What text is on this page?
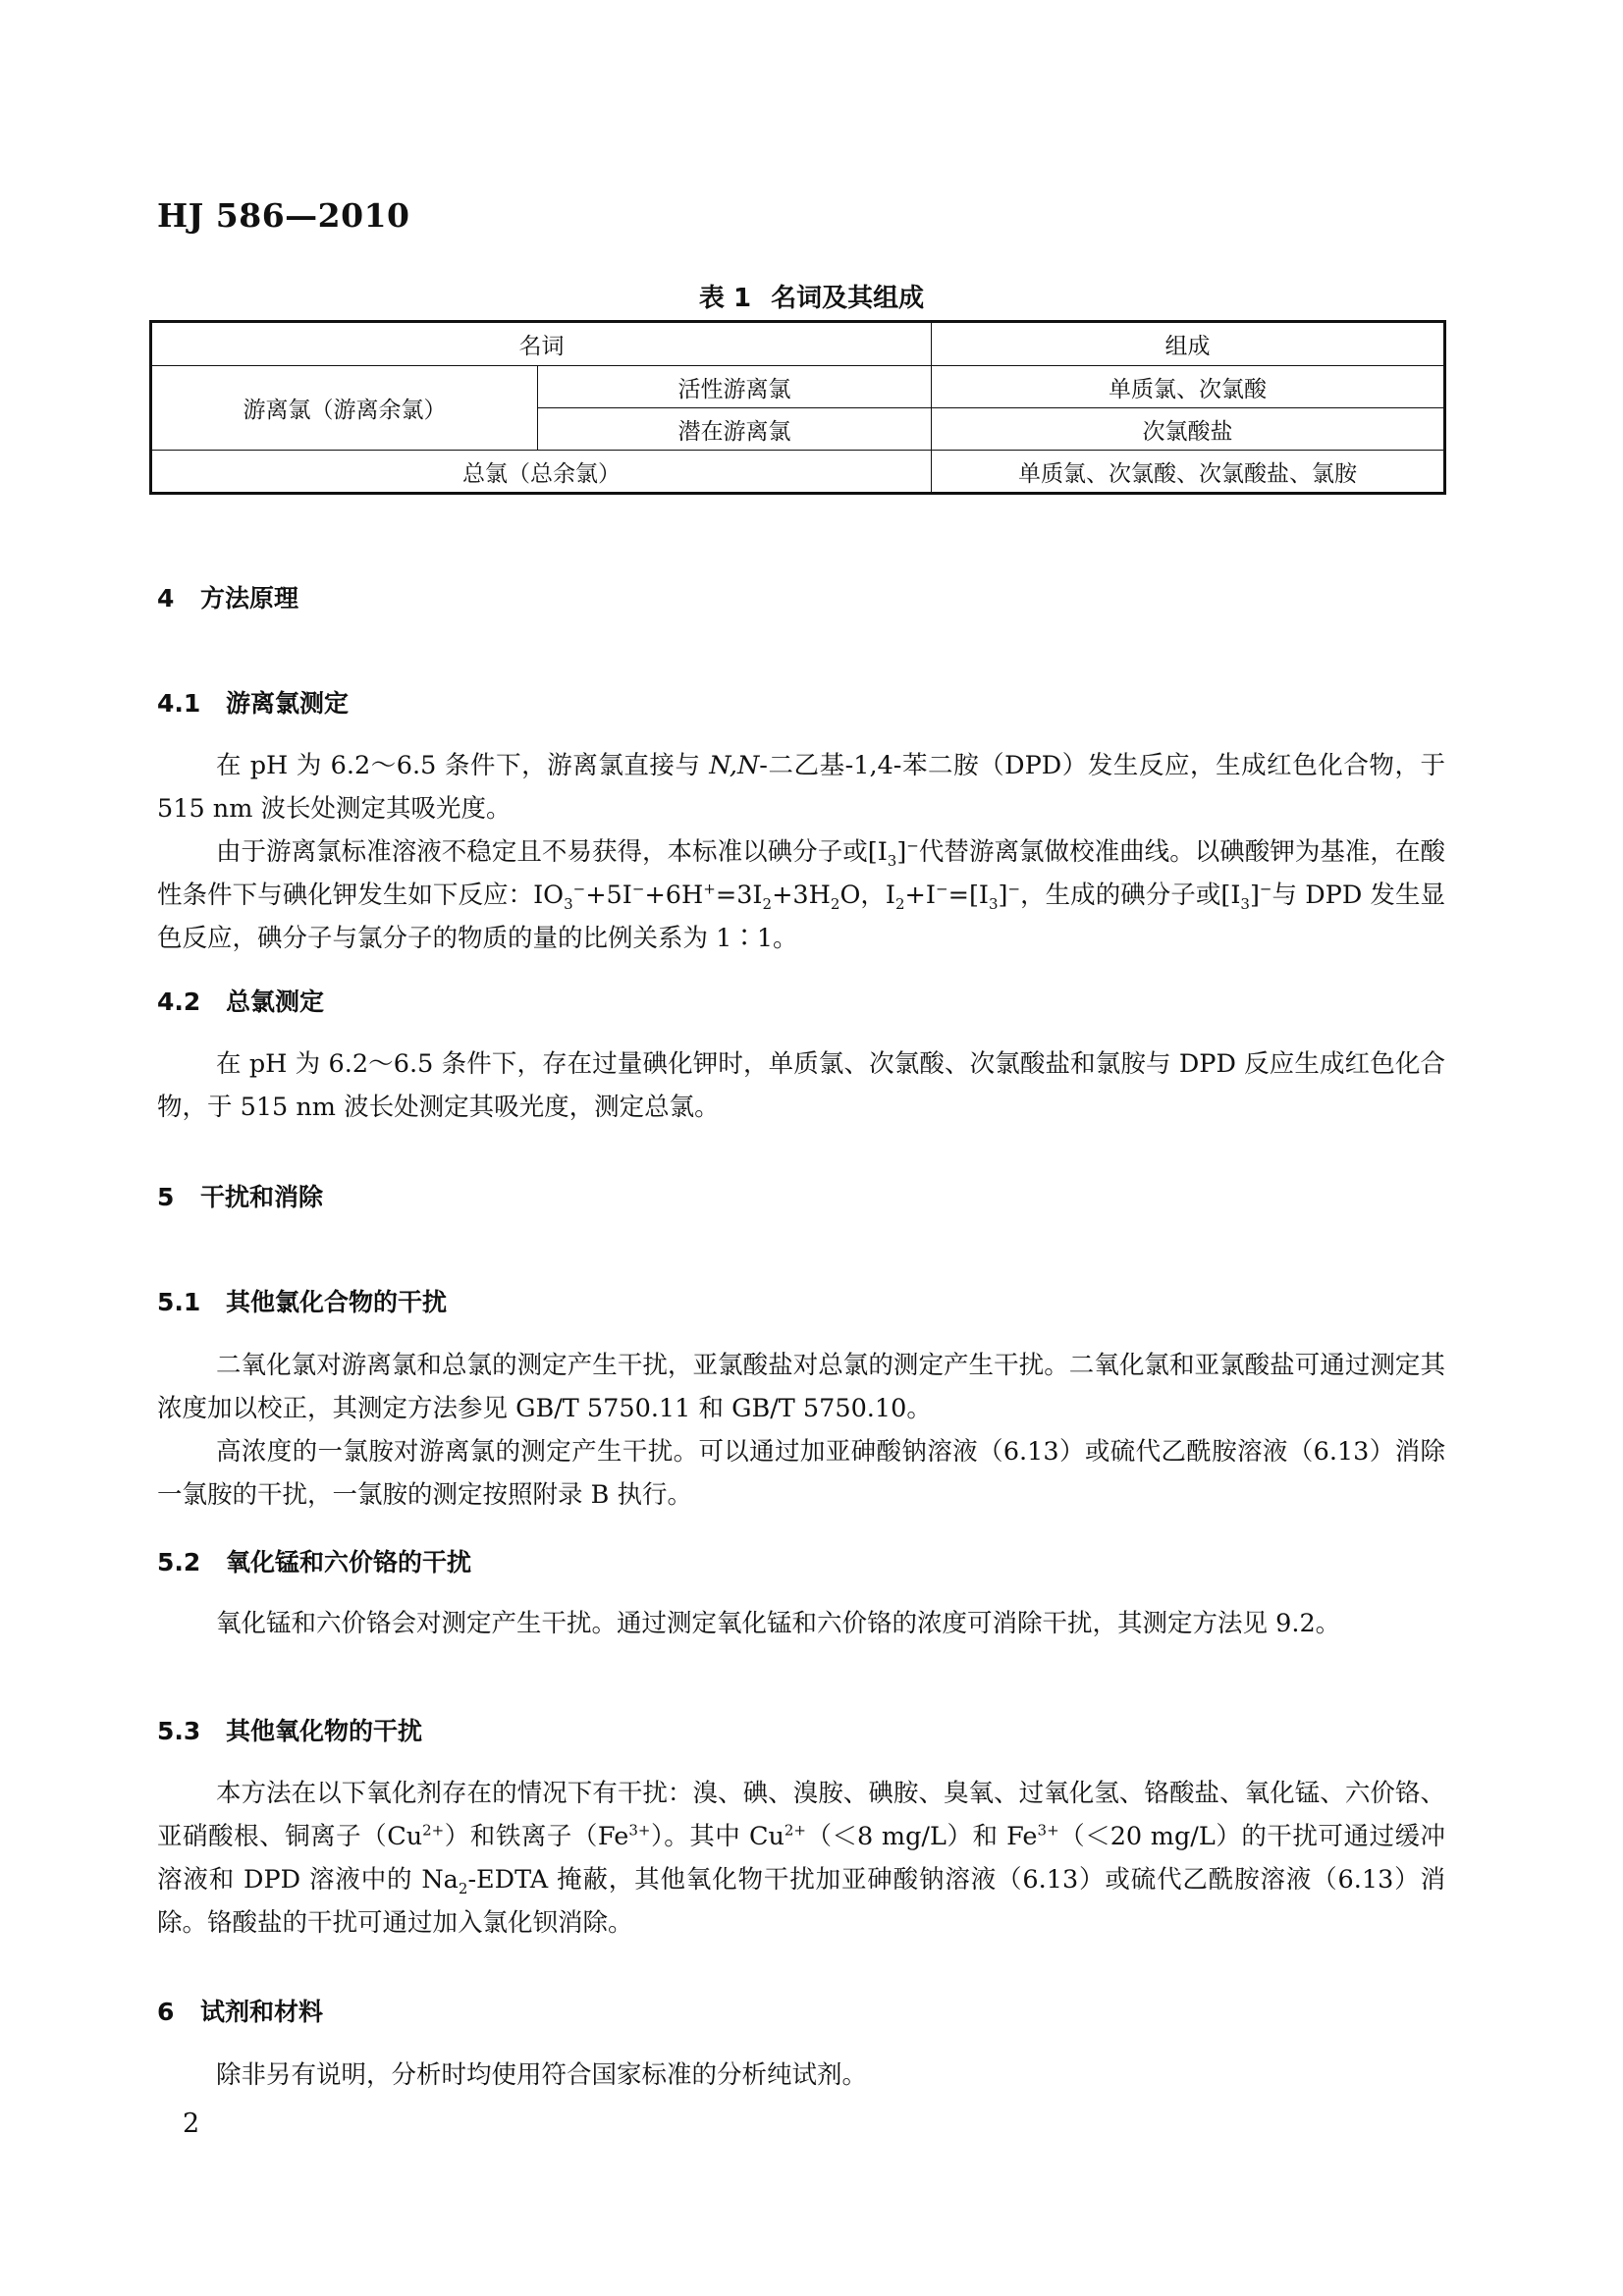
HJ 586—2010
表 1 名词及其组成
名词		组成
游离氯（游离余氯）	活性游离氯	单质氯、次氯酸
	潜在游离氯	次氯酸盐
总氯（总余氯）		单质氯、次氯酸、次氯酸盐、氯胺
4 方法原理
4.1 游离氯测定

在 pH 为 6.2～6.5 条件下，游离氯直接与 N,N-二乙基-1,4-苯二胺（DPD）发生反应，生成红色化合物，于 515 nm 波长处测定其吸光度。

由于游离氯标准溶液不稳定且不易获得，本标准以碘分子或$[I_3]^-$代替游离氯做校准曲线。以碘酸钾为基准，在酸性条件下与碘化钾发生如下反应：$IO_3^-+5I^-+6H^+=3I_2+3H_2O$，$I_2+I^-=[I_3]^-$，生成的碘分子或$[I_3]^-$与 DPD 发生显色反应，碘分子与氯分子的物质的量的比例关系为 1∶1。

4.2 总氯测定

在 pH 为 6.2～6.5 条件下，存在过量碘化钾时，单质氯、次氯酸、次氯酸盐和氯胺与 DPD 反应生成红色化合物，于 515 nm 波长处测定其吸光度，测定总氯。

5 干扰和消除
5.1 其他氯化合物的干扰

二氧化氯对游离氯和总氯的测定产生干扰，亚氯酸盐对总氯的测定产生干扰。二氧化氯和亚氯酸盐可通过测定其浓度加以校正，其测定方法参见 GB/T 5750.11 和 GB/T 5750.10。

高浓度的一氯胺对游离氯的测定产生干扰。可以通过加亚砷酸钠溶液（6.13）或硫代乙酰胺溶液（6.13）消除一氯胺的干扰，一氯胺的测定按照附录 B 执行。

5.2 氧化锰和六价铬的干扰

氧化锰和六价铬会对测定产生干扰。通过测定氧化锰和六价铬的浓度可消除干扰，其测定方法见 9.2。

5.3 其他氧化物的干扰

本方法在以下氧化剂存在的情况下有干扰：溴、碘、溴胺、碘胺、臭氧、过氧化氢、铬酸盐、氧化锰、六价铬、亚硝酸根、铜离子$(Cu^{2+})$和铁离子$(Fe^{3+})$。其中 $Cu^{2+}(<8$ mg/L）和 $Fe^{3+}(<20$ mg/L）的干扰可通过缓冲溶液和 DPD 溶液中的 $Na_2$-EDTA 掩蔽，其他氧化物干扰加亚砷酸钠溶液（6.13）或硫代乙酰胺溶液（6.13）消除。铬酸盐的干扰可通过加入氯化钡消除。

6 试剂和材料

除非另有说明，分析时均使用符合国家标准的分析纯试剂。

2
